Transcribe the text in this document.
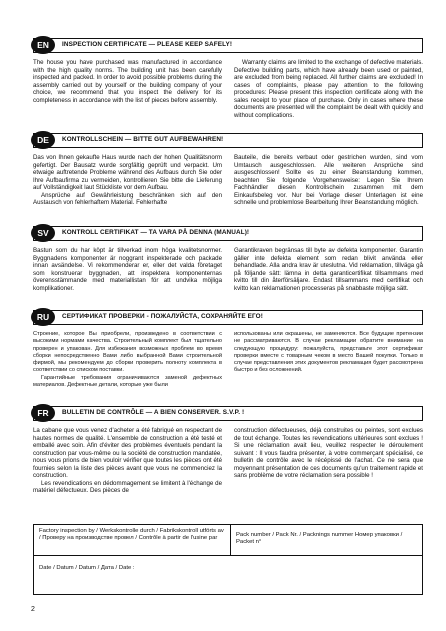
EN	INSPECTION CERTIFICATE — PLEASE KEEP SAFELY!

The house you have purchased was manufactured in accordance with the high quality norms. The building unit has been carefully inspected and packed. In order to avoid possible problems during the assembly carried out by yourself or the building company of your choice, we recommend that you inspect the delivery for its completeness in accordance with the list of pieces before assembly.

Warranty claims are limited to the exchange of defective materials. Defective building parts, which have already been used or painted, are excluded from being replaced. All further claims are excluded! In cases of complaints, please pay attention to the following procedures: Please present this inspection certificate along with the sales receipt to your place of purchase. Only in cases where these documents are presented will the complaint be dealt with quickly and without complications.

DE	KONTROLLSCHEIN — BITTE GUT AUFBEWAHREN!

Das von Ihnen gekaufte Haus wurde nach der hohen Qualitätsnorm gefertigt. Der Bausatz wurde sorgfältig geprüft und verpackt. Um etwaige auftretende Probleme während des Aufbaus durch Sie oder Ihre Aufbaufirma zu vermeiden, kontrollieren Sie bitte die Lieferung auf Vollständigkeit laut Stückliste vor dem Aufbau.

Ansprüche auf Gewährleistung beschränken sich auf den Austausch von fehlerhaftem Material. Fehlerhafte

Bauteile, die bereits verbaut oder gestrichen wurden, sind vom Umtausch ausgeschlossen. Alle weiteren Ansprüche sind ausgeschlossen! Sollte es zu einer Beanstandung kommen, beachten Sie folgende Vorgehensweise: Legen Sie Ihrem Fachhändler diesen Kontrollschein zusammen mit dem Einkaufsbeleg vor. Nur bei Vorlage dieser Unterlagen ist eine schnelle und problemlose Bearbeitung Ihrer Beanstandung möglich.

SV	KONTROLL CERTIFIKAT — TA VARA PÅ DENNA (MANUAL)!

Bastun som du har köpt är tillverkad inom höga kvalitetsnormer. Byggnadens komponenter är noggrant inspekterade och packade innan avsändelse. Vi rekommenderar er, eller det valda företaget som konstruerar byggnaden, att inspektera komponenternas överensstämmande med materiallistan för att undvika möjliga komplikationer.

Garantikraven begränsas till byte av defekta komponenter. Garantin gäller inte defekta element som redan blivit använda eller behandlade. Alla andra krav är uteslutna. Vid reklamation, tillväga gå på följande sätt: lämna in detta garanticertifikat tillsammans med kvitto till din återförsäljare. Endast tillsammans med certifikat och kvitto kan reklamationen processeras på snabbaste möjliga sätt.

RU	СЕРТИФИКАТ ПРОВЕРКИ - ПОЖАЛУЙСТА, СОХРАНЯЙТЕ ЕГО!

Строение, которое Вы приобрели, произведено в соответствии с высокими нормами качества. Строительный комплект был тщательно проверен и упакован. Для избежания возможных проблем во время сборки непосредственно Вами либо выбранной Вами строительной фирмой, мы рекомендуем до сборки проверить полноту комплекта в соответствии со списком поставки.

Гарантийные требования ограничиваются заменой дефектных материалов. Дефектные детали, которые уже были

использованы или окрашены, не заменяются. Все будущие претензии не рассматриваются. В случае рекламации обратите внимание на следующую процедуру: пожалуйста, представьте этот сертификат проверки вместе с товарным чеком в место Вашей покупки. Только в случае представления этих документов рекламация будет рассмотрена быстро и без осложнений.

FR	BULLETIN DE CONTRÔLE — A BIEN CONSERVER. S.V.P. !

La cabane que vous venez d'acheter a été fabriqué en respectant de hautes normes de qualité. L'ensemble de construction a été testé et emballé avec soin. Afin d'éviter des problèmes éventuels pendant la construction par vous-même ou la société de construction mandatée, nous vous prions de bien vouloir vérifier que toutes les pièces ont été fournies selon la liste des pièces avant que vous ne commenciez la construction.

Les revendications en dédommagement se limitent à l'échange de matériel défectueux. Des pièces de

construction défectueuses, déjà construites ou peintes, sont exclues de tout échange. Toutes les revendications ultérieures sont exclues ! Si une réclamation avait lieu, veuillez respecter le déroulement suivant : Il vous faudra présenter, à votre commerçant spécialisé, ce bulletin de contrôle avec le récépissé de l'achat. Ce ne sera que moyennant présentation de ces documents qu'un traitement rapide et sans problème de votre réclamation sera possible !

Factory inspection by / Werkskontrolle durch / Fabrikskontroll utförts av / Проверу на производстве провел / Contrôle à partir de l'usine par
Pack number / Pack Nr. / Packnings nummer Номер упаковки / Packet n°
Date / Datum / Datum / Дата / Date :
2
